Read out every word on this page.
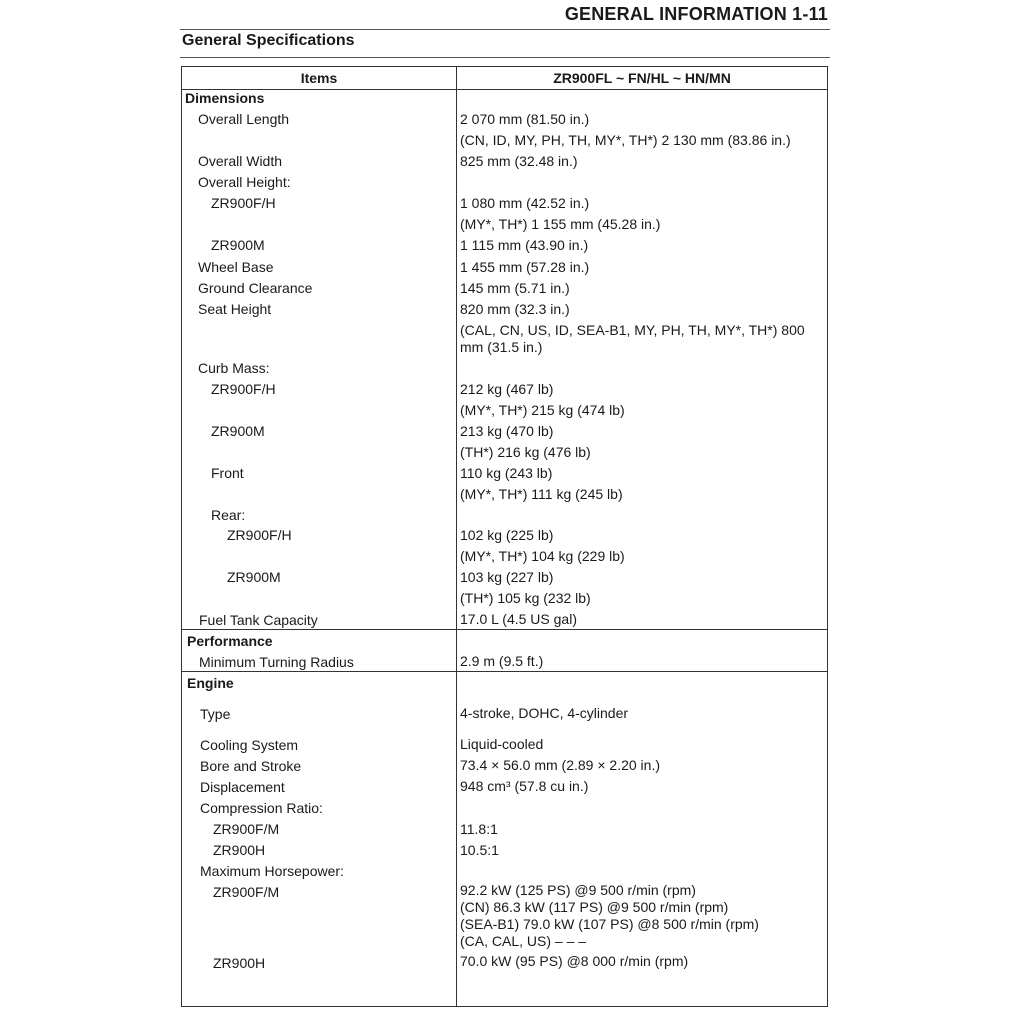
GENERAL INFORMATION 1-11
General Specifications
Items	ZR900FL ~ FN/HL ~ HN/MN
Dimensions
Overall Length	2 070 mm (81.50 in.)
(CN, ID, MY, PH, TH, MY*, TH*) 2 130 mm (83.86 in.)
Overall Width	825 mm (32.48 in.)
Overall Height:
ZR900F/H	1 080 mm (42.52 in.)
(MY*, TH*) 1 155 mm (45.28 in.)
ZR900M	1 115 mm (43.90 in.)
Wheel Base	1 455 mm (57.28 in.)
Ground Clearance	145 mm (5.71 in.)
Seat Height	820 mm (32.3 in.)
(CAL, CN, US, ID, SEA-B1, MY, PH, TH, MY*, TH*) 800 mm (31.5 in.)
Curb Mass:
ZR900F/H	212 kg (467 lb)
(MY*, TH*) 215 kg (474 lb)
ZR900M	213 kg (470 lb)
(TH*) 216 kg (476 lb)
Front	110 kg (243 lb)
(MY*, TH*) 111 kg (245 lb)
Rear:
ZR900F/H	102 kg (225 lb)
(MY*, TH*) 104 kg (229 lb)
ZR900M	103 kg (227 lb)
(TH*) 105 kg (232 lb)
Fuel Tank Capacity	17.0 L (4.5 US gal)
Performance
Minimum Turning Radius	2.9 m (9.5 ft.)
Engine
Type	4-stroke, DOHC, 4-cylinder
Cooling System	Liquid-cooled
Bore and Stroke	73.4 × 56.0 mm (2.89 × 2.20 in.)
Displacement	948 cm³ (57.8 cu in.)
Compression Ratio:
ZR900F/M	11.8:1
ZR900H	10.5:1
Maximum Horsepower:
ZR900F/M	92.2 kW (125 PS) @9 500 r/min (rpm)
(CN) 86.3 kW (117 PS) @9 500 r/min (rpm)
(SEA-B1) 79.0 kW (107 PS) @8 500 r/min (rpm)
(CA, CAL, US) – – –
ZR900H	70.0 kW (95 PS) @8 000 r/min (rpm)
